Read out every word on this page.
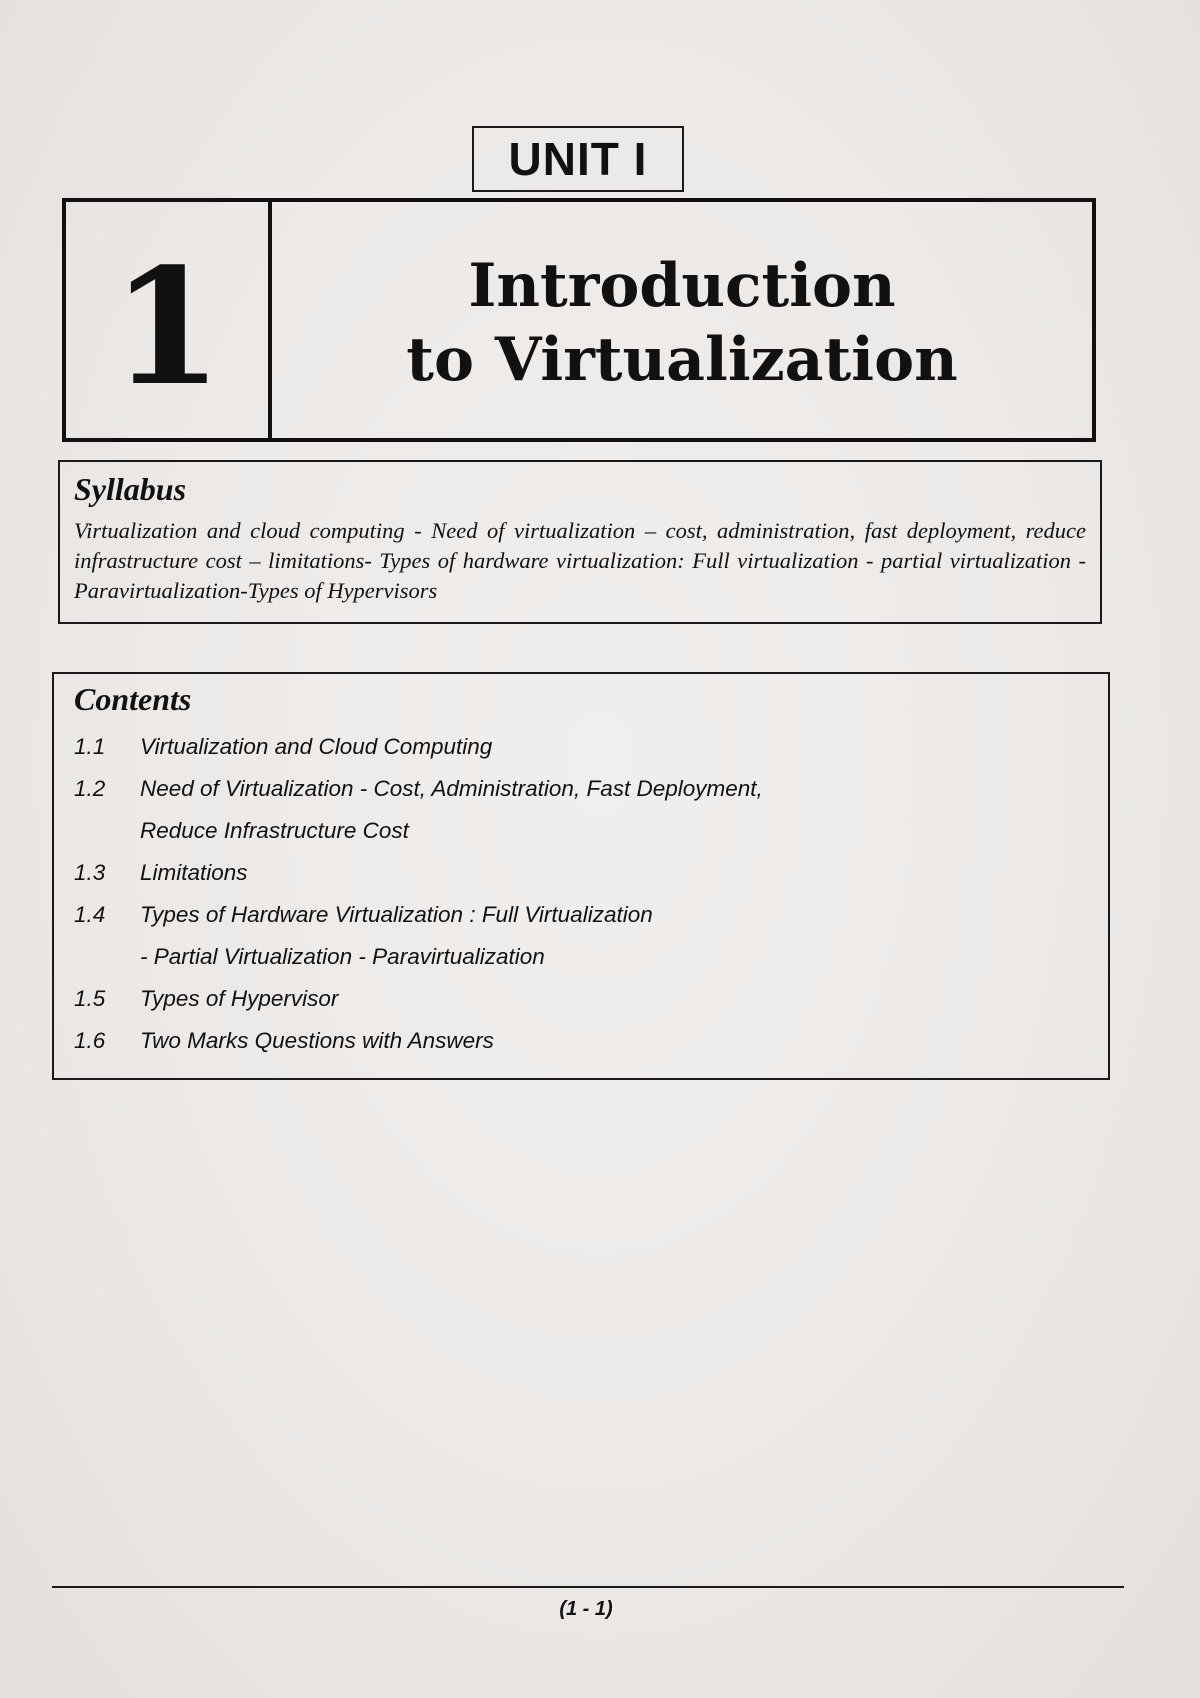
UNIT I
1	Introduction
to Virtualization
Syllabus

Virtualization and cloud computing - Need of virtualization – cost, administration, fast deployment, reduce infrastructure cost – limitations- Types of hardware virtualization: Full virtualization - partial virtualization - Paravirtualization-Types of Hypervisors

Contents
1.1	Virtualization and Cloud Computing
1.2	Need of Virtualization - Cost, Administration, Fast Deployment,
Reduce Infrastructure Cost
1.3	Limitations
1.4	Types of Hardware Virtualization : Full Virtualization
- Partial Virtualization - Paravirtualization
1.5	Types of Hypervisor
1.6	Two Marks Questions with Answers
(1 - 1)
